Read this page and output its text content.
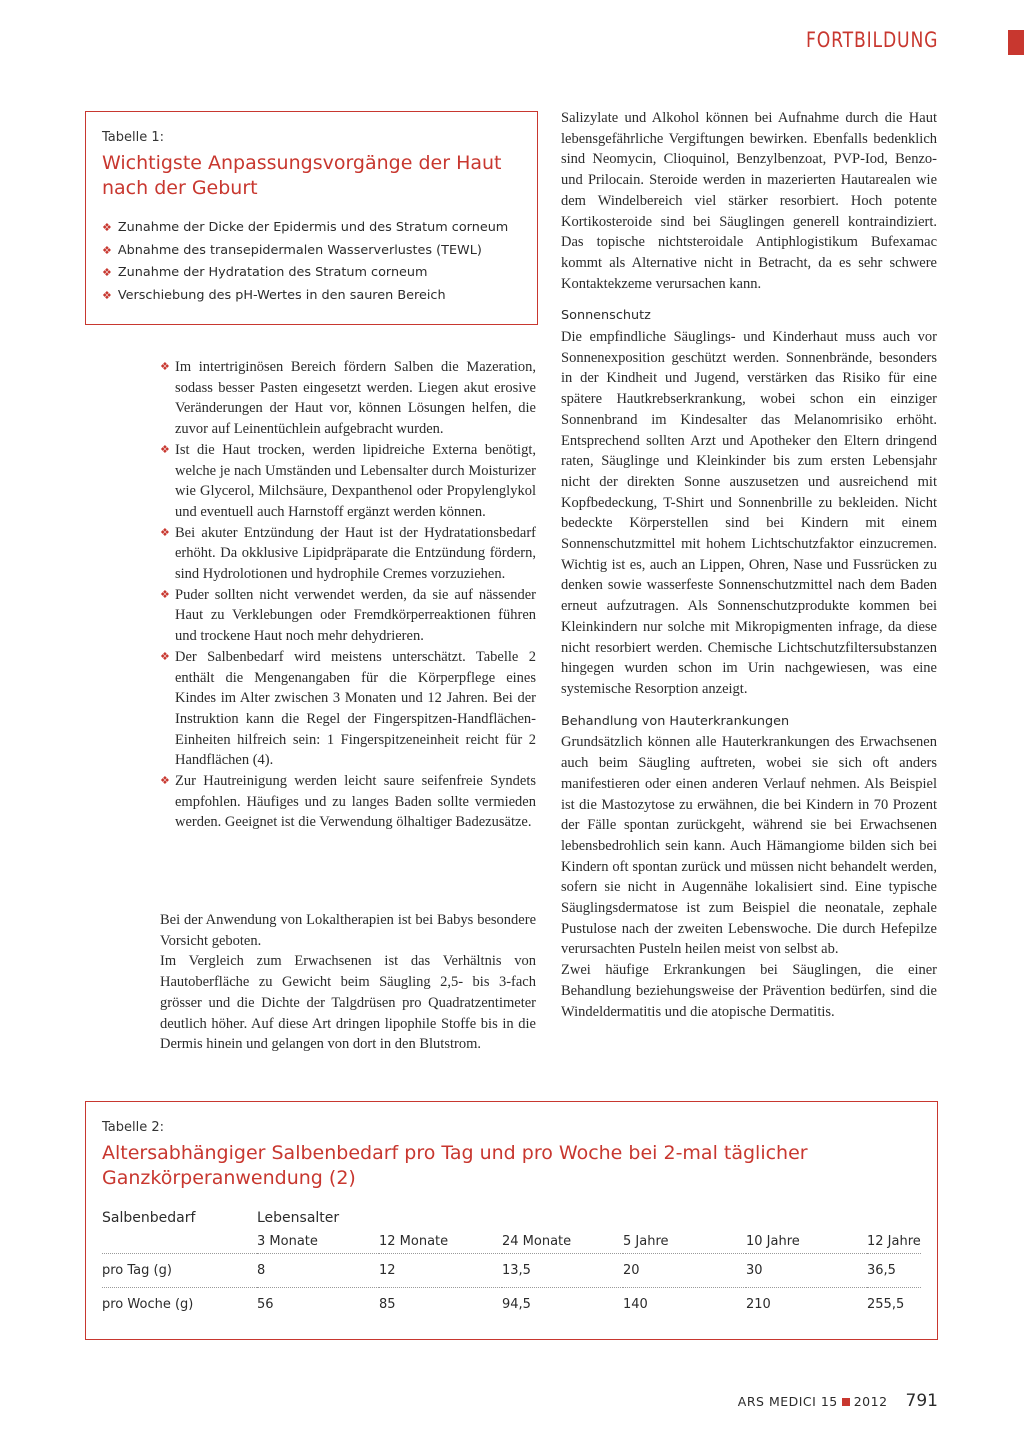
FORTBILDUNG
Tabelle 1:
Wichtigste Anpassungsvorgänge der Haut
nach der Geburt
❖ Zunahme der Dicke der Epidermis und des Stratum corneum
❖ Abnahme des transepidermalen Wasserverlustes (TEWL)
❖ Zunahme der Hydratation des Stratum corneum
❖ Verschiebung des pH-Wertes in den sauren Bereich
❖ Im intertriginösen Bereich fördern Salben die Mazeration, sodass besser Pasten eingesetzt werden. Liegen akut erosive Veränderungen der Haut vor, können Lösungen helfen, die zuvor auf Leinentüchlein aufgebracht wurden.
❖ Ist die Haut trocken, werden lipidreiche Externa benötigt, welche je nach Umständen und Lebensalter durch Moisturizer wie Glycerol, Milchsäure, Dexpanthenol oder Propylenglykol und eventuell auch Harnstoff ergänzt werden können.
❖ Bei akuter Entzündung der Haut ist der Hydratationsbedarf erhöht. Da okklusive Lipidpräparate die Entzündung fördern, sind Hydrolotionen und hydrophile Cremes vorzuziehen.
❖ Puder sollten nicht verwendet werden, da sie auf nässender Haut zu Verklebungen oder Fremdkörperreaktionen führen und trockene Haut noch mehr dehydrieren.
❖ Der Salbenbedarf wird meistens unterschätzt. Tabelle 2 enthält die Mengenangaben für die Körperpflege eines Kindes im Alter zwischen 3 Monaten und 12 Jahren. Bei der Instruktion kann die Regel der Fingerspitzen-Handflächen-Einheiten hilfreich sein: 1 Fingerspitzeneinheit reicht für 2 Handflächen (4).
❖ Zur Hautreinigung werden leicht saure seifenfreie Syndets empfohlen. Häufiges und zu langes Baden sollte vermieden werden. Geeignet ist die Verwendung ölhaltiger Badezusätze.

Bei der Anwendung von Lokaltherapien ist bei Babys besondere Vorsicht geboten.

Im Vergleich zum Erwachsenen ist das Verhältnis von Hautoberfläche zu Gewicht beim Säugling 2,5- bis 3-fach grösser und die Dichte der Talgdrüsen pro Quadratzentimeter deutlich höher. Auf diese Art dringen lipophile Stoffe bis in die Dermis hinein und gelangen von dort in den Blutstrom.

Salizylate und Alkohol können bei Aufnahme durch die Haut lebensgefährliche Vergiftungen bewirken. Ebenfalls bedenklich sind Neomycin, Clioquinol, Benzylbenzoat, PVP-Iod, Benzo- und Prilocain. Steroide werden in mazerierten Hautarealen wie dem Windelbereich viel stärker resorbiert. Hoch potente Kortikosteroide sind bei Säuglingen generell kontraindiziert. Das topische nichtsteroidale Antiphlogistikum Bufexamac kommt als Alternative nicht in Betracht, da es sehr schwere Kontaktekzeme verursachen kann.

Sonnenschutz

Die empfindliche Säuglings- und Kinderhaut muss auch vor Sonnenexposition geschützt werden. Sonnenbrände, besonders in der Kindheit und Jugend, verstärken das Risiko für eine spätere Hautkrebserkrankung, wobei schon ein einziger Sonnenbrand im Kindesalter das Melanomrisiko erhöht. Entsprechend sollten Arzt und Apotheker den Eltern dringend raten, Säuglinge und Kleinkinder bis zum ersten Lebensjahr nicht der direkten Sonne auszusetzen und ausreichend mit Kopfbedeckung, T-Shirt und Sonnenbrille zu bekleiden. Nicht bedeckte Körperstellen sind bei Kindern mit einem Sonnenschutzmittel mit hohem Lichtschutzfaktor einzucremen. Wichtig ist es, auch an Lippen, Ohren, Nase und Fussrücken zu denken sowie wasserfeste Sonnenschutzmittel nach dem Baden erneut aufzutragen. Als Sonnenschutzprodukte kommen bei Kleinkindern nur solche mit Mikropigmenten infrage, da diese nicht resorbiert werden. Chemische Lichtschutzfiltersubstanzen hingegen wurden schon im Urin nachgewiesen, was eine systemische Resorption anzeigt.

Behandlung von Hauterkrankungen

Grundsätzlich können alle Hauterkrankungen des Erwachsenen auch beim Säugling auftreten, wobei sie sich oft anders manifestieren oder einen anderen Verlauf nehmen. Als Beispiel ist die Mastozytose zu erwähnen, die bei Kindern in 70 Prozent der Fälle spontan zurückgeht, während sie bei Erwachsenen lebensbedrohlich sein kann. Auch Hämangiome bilden sich bei Kindern oft spontan zurück und müssen nicht behandelt werden, sofern sie nicht in Augennähe lokalisiert sind. Eine typische Säuglingsdermatose ist zum Beispiel die neonatale, zephale Pustulose nach der zweiten Lebenswoche. Die durch Hefepilze verursachten Pusteln heilen meist von selbst ab.

Zwei häufige Erkrankungen bei Säuglingen, die einer Behandlung beziehungsweise der Prävention bedürfen, sind die Windeldermatitis und die atopische Dermatitis.

Tabelle 2:
Altersabhängiger Salbenbedarf pro Tag und pro Woche bei 2-mal täglicher
Ganzkörperanwendung (2)
Salbenbedarf	Lebensalter					
	3 Monate	12 Monate	24 Monate	5 Jahre	10 Jahre	12 Jahre

pro Tag (g)	8	12	13,5	20	30	36,5

pro Woche (g)	56	85	94,5	140	210	255,5
ARS MEDICI 15 2012 791
